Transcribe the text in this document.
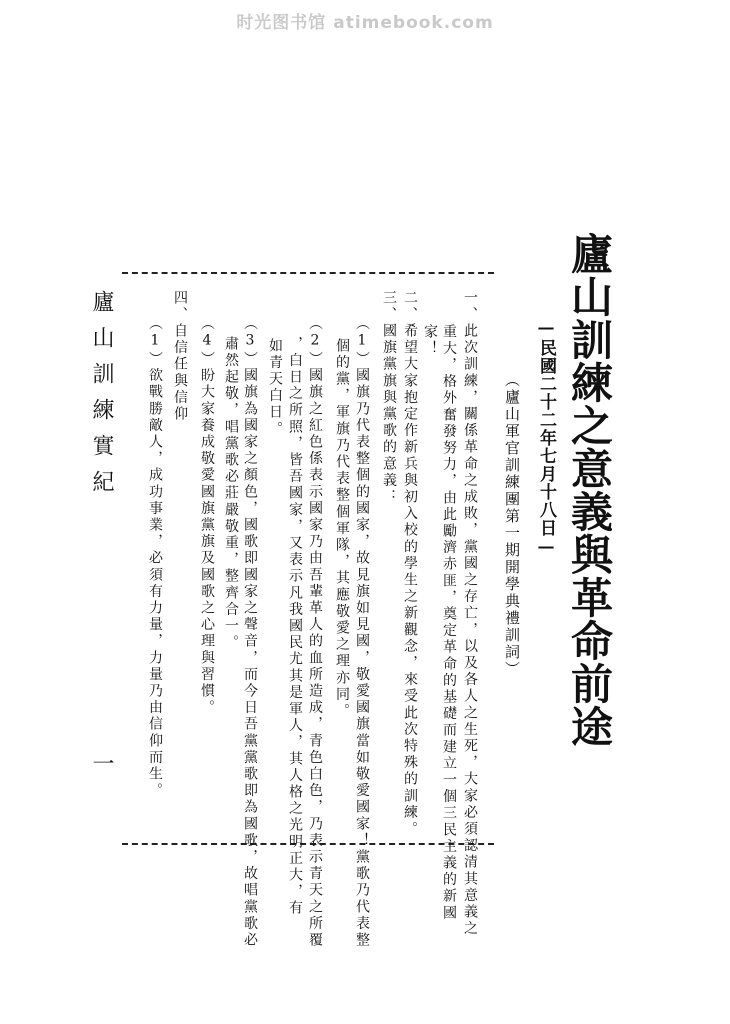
时光图书馆 atimebook.com
廬山訓練之意義與革命前途
—民國二十二年七月十八日—
（廬山軍官訓練團第一期開學典禮訓詞）
一、此次訓練，關係革命之成敗，黨國之存亡，以及各人之生死，大家必須認清其意義之
重大，格外奮發努力，由此勵濟赤匪，奠定革命的基礎而建立一個三民主義的新國
家！
二、希望大家抱定作新兵與初入校的學生之新觀念，來受此次特殊的訓練。
三、國旗黨旗與黨歌的意義：
（1）國旗乃代表整個的國家，故見旗如見國，敬愛國旗當如敬愛國家！黨歌乃代表整
個的黨，軍旗乃代表整個軍隊，其應敬愛之理亦同。
（2）國旗之紅色係表示國家乃由吾輩革人的血所造成，青色白色，乃表示青天之所覆
，白日之所照，皆吾國家，又表示凡我國民尤其是軍人，其人格之光明正大，有
如青天白日。
（3）國旗為國家之顏色，國歌即國家之聲音，而今日吾黨黨歌即為國歌，故唱黨歌必
肅然起敬，唱黨歌必莊嚴敬重，整齊合一。
（4）盼大家養成敬愛國旗黨旗及國歌之心理與習慣。
四、自信任與信仰
（1）欲戰勝敵人，成功事業，必須有力量，力量乃由信仰而生。
廬山訓練實紀
一
